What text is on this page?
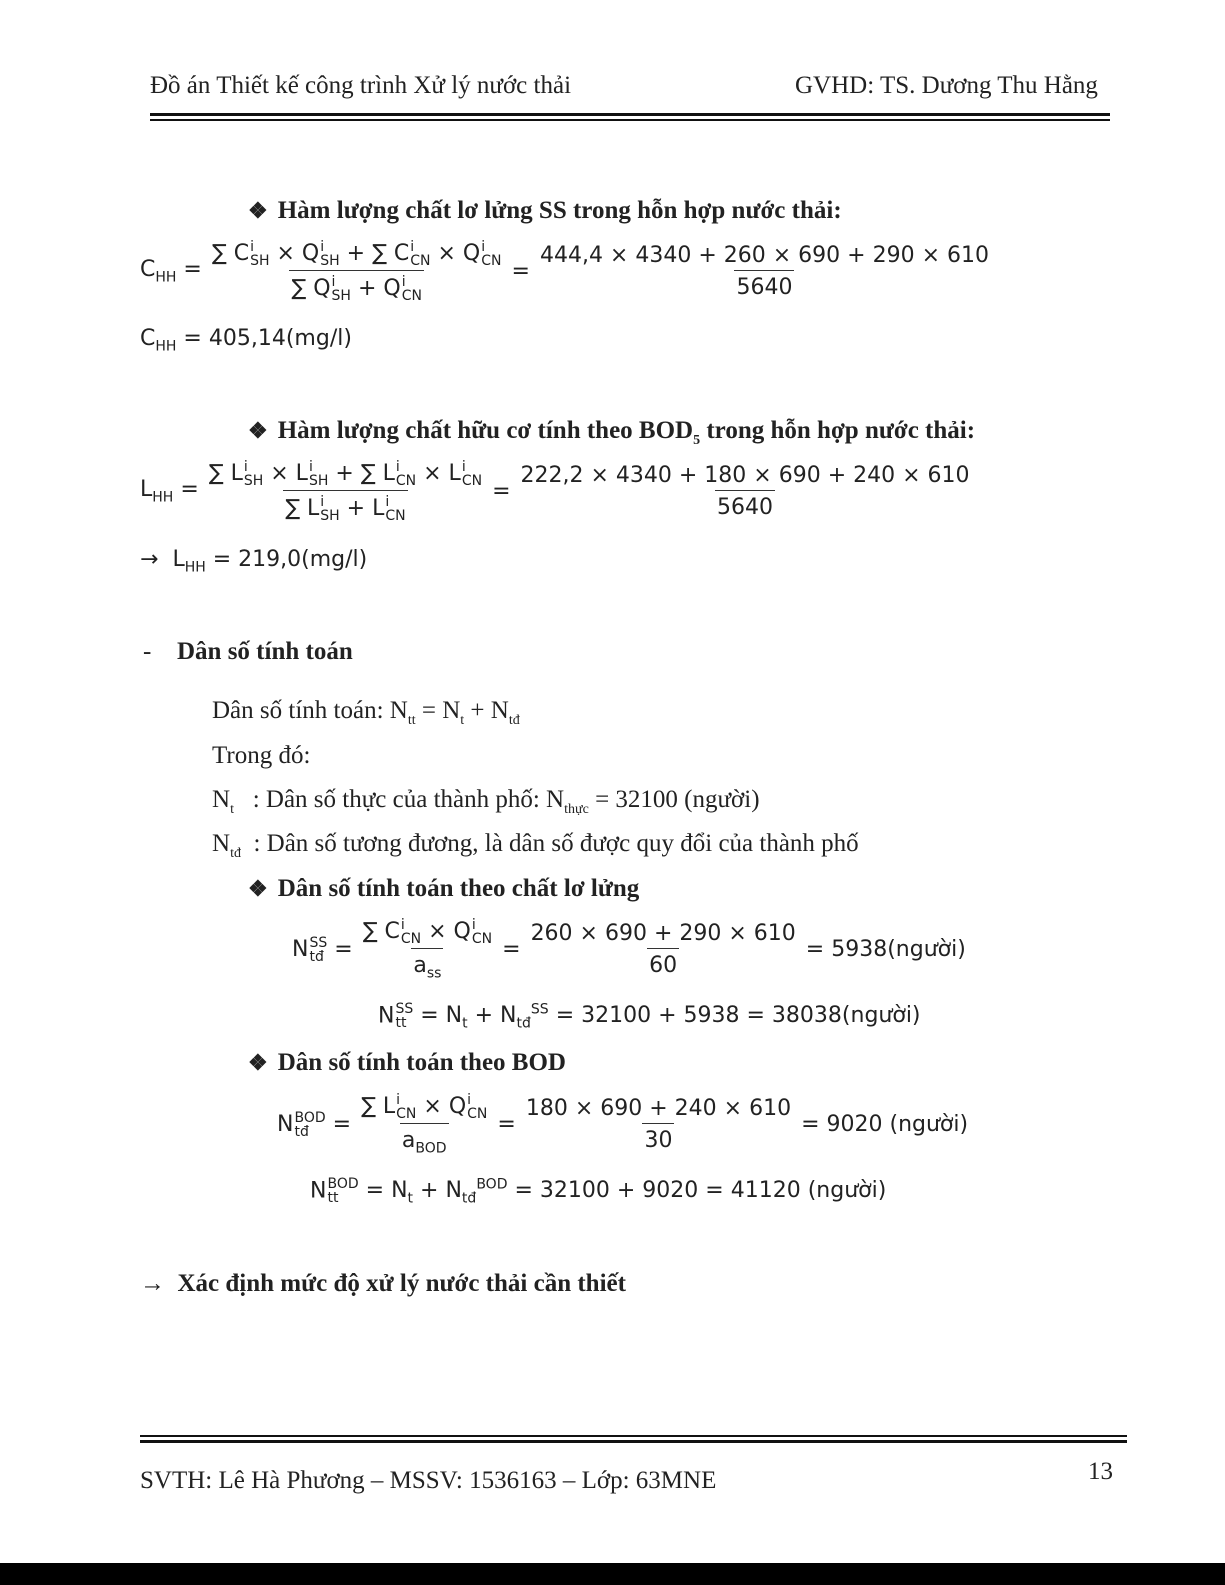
Đồ án Thiết kế công trình Xử lý nước thải	GVHD: TS. Dương Thu Hằng
❖ Hàm lượng chất lơ lửng SS trong hỗn hợp nước thải:
$C_{HH}$ = ∑ C i
SH × Q i
SH + ∑ C i
CN × Q i
CN
∑ Q i
SH + Q i
CN = $\frac{444,4 \times 4340 + 260 \times 690 + 290 \times 610}{5640}$
$C_{HH} = 405,14(mg/l)$
❖ Hàm lượng chất hữu cơ tính theo $BOD_5$ trong hỗn hợp nước thải:
$L_{HH}$ = ∑ L i
SH × L i
SH + ∑ L i
CN × L i
CN
∑ L i
SH + L i
CN = $\frac{222,2 \times 4340 + 180 \times 690 + 240 \times 610}{5640}$
→ $L_{HH} = 219,0(mg/l)$
- Dân số tính toán
Dân số tính toán: $N_{tt} = N_t + N_{tđ}$
Trong đó:
$N_t$ : Dân số thực của thành phố: $N_{thực} = 32100$ (người)
$N_{tđ}$ : Dân số tương đương, là dân số được quy đổi của thành phố
❖ Dân số tính toán theo chất lơ lửng
N SS
tđ = ∑ C i
CN × Q i
CN
$a_{ss} = \frac{260 \times 690 + 290 \times 610}{60}$ = 5938(người)
N SS
tt = $N_t + N_{tđ}^{SS} = 32100 + 5938$ = 38038(người)
❖ Dân số tính toán theo BOD
N BOD
tđ = ∑ L i
CN × Q i
CN
$a_{BOD} = \frac{180 \times 690 + 240 \times 610}{30} = 9020$ (người)
N BOD
tt	= $N_t + N_{tđ}^{BOD} = 32100 + 9020 = 41120$ (người)
→ Xác định mức độ xử lý nước thải cần thiết
SVTH: Lê Hà Phương – MSSV: 1536163 – Lớp: 63MNE	13
